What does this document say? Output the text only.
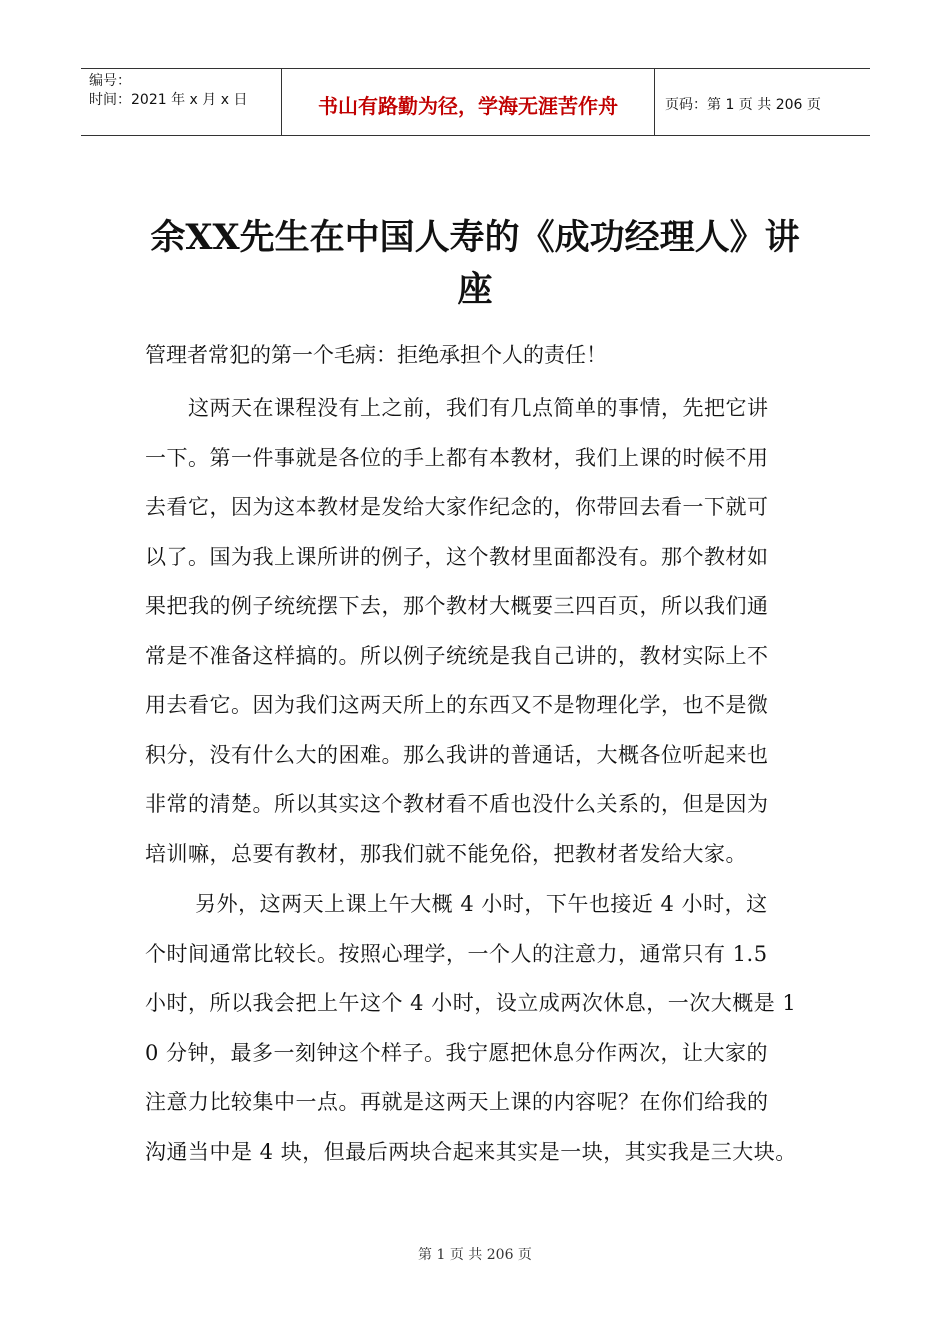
编号：
时间：2021 年 x 月 x 日	书山有路勤为径，学海无涯苦作舟	页码：第 1 页 共 206 页
余XX先生在中国人寿的《成功经理人》讲
座
管理者常犯的第一个毛病：拒绝承担个人的责任！
　　这两天在课程没有上之前，我们有几点简单的事情，先把它讲
一下。第一件事就是各位的手上都有本教材，我们上课的时候不用
去看它，因为这本教材是发给大家作纪念的，你带回去看一下就可
以了。国为我上课所讲的例子，这个教材里面都没有。那个教材如
果把我的例子统统摆下去，那个教材大概要三四百页，所以我们通
常是不准备这样搞的。所以例子统统是我自己讲的，教材实际上不
用去看它。因为我们这两天所上的东西又不是物理化学，也不是微
积分，没有什么大的困难。那么我讲的普通话，大概各位听起来也
非常的清楚。所以其实这个教材看不盾也没什么关系的，但是因为
培训嘛，总要有教材，那我们就不能免俗，把教材者发给大家。
　　 另外，这两天上课上午大概 4 小时，下午也接近 4 小时，这
个时间通常比较长。按照心理学，一个人的注意力，通常只有 1.5
小时，所以我会把上午这个 4 小时，设立成两次休息，一次大概是 1
0 分钟，最多一刻钟这个样子。我宁愿把休息分作两次，让大家的
注意力比较集中一点。再就是这两天上课的内容呢？在你们给我的
沟通当中是 4 块，但最后两块合起来其实是一块，其实我是三大块。
第 1 页 共 206 页
